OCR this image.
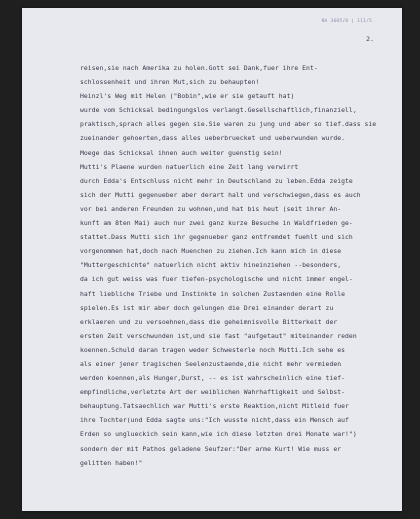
NA 3605/8 | 111/5
2.
reisen,sie nach Amerika zu holen.Gott sei Dank,fuer ihre Ent-
schlossenheit und ihren Mut,sich zu behaupten!
Heinzl's Weg mit Helen ("Bobin",wie er sie getauft hat)
wurde vom Schicksal bedingungslos verlangt.Gesellschaftlich,finanziell,
praktisch,sprach alles gegen sie.Sie waren zu jung und aber so tief.dass sie
zueinander gehoerten,dass alles ueberbruecket und ueberwunden wurde.
Moege das Schicksal ihnen auch weiter guenstig sein!
Mutti's Plaene wurden natuerlich eine Zeit lang verwirrt
durch Edda's Entschluss nicht mehr in Deutschland zu leben.Edda zeigte
sich der Mutti gegenueber aber derart halt und verschwiegen,dass es auch
vor bei anderen Freunden zu wohnen,und hat bis heut (seit ihrer An-
kunft am 8ten Mai) auch nur zwei ganz kurze Besuche in Waldfrieden ge-
stattet.Dass Mutti sich ihr gegenueber ganz entfremdet fuehlt und sich
vorgenommen hat,doch nach Muenchen zu ziehen.Ich kann mich in diese
"Muttergeschichte" natuerlich nicht aktiv hineinziehen --besonders,
da ich gut weiss was fuer tiefen-psychologische und nicht immer engel-
haft liebliche Triebe und Instinkte in solchen Zustaenden eine Rolle
spielen.Es ist mir aber doch gelungen die Drei einander derart zu
erklaeren und zu versoehnen,dass die geheimnisvolle Bitterkeit der
ersten Zeit verschwunden ist,und sie fast "aufgetaut" miteinander reden
koennen.Schuld daran tragen weder Schwesterle noch Mutti.Ich sehe es
als einer jener tragischen Seelenzustaende,die nicht mehr vermieden
werden koennen,als Hunger,Durst, -- es ist wahrscheinlich eine tief-
empfindliche,verletzte Art der weiblichen Wahrhaftigkeit und Selbst-
behauptung.Tatsaechlich war Mutti's erste Reaktion,nicht Mitleid fuer
ihre Tochter(und Edda sagte uns:"Ich wusste nicht,dass ein Mensch auf
Erden so unglueckich sein kann,wie ich diese letzten drei Monate war!")
sondern der mit Pathos geladene Seufzer:"Der arme Kurt! Wie muss er
gelitten haben!"
